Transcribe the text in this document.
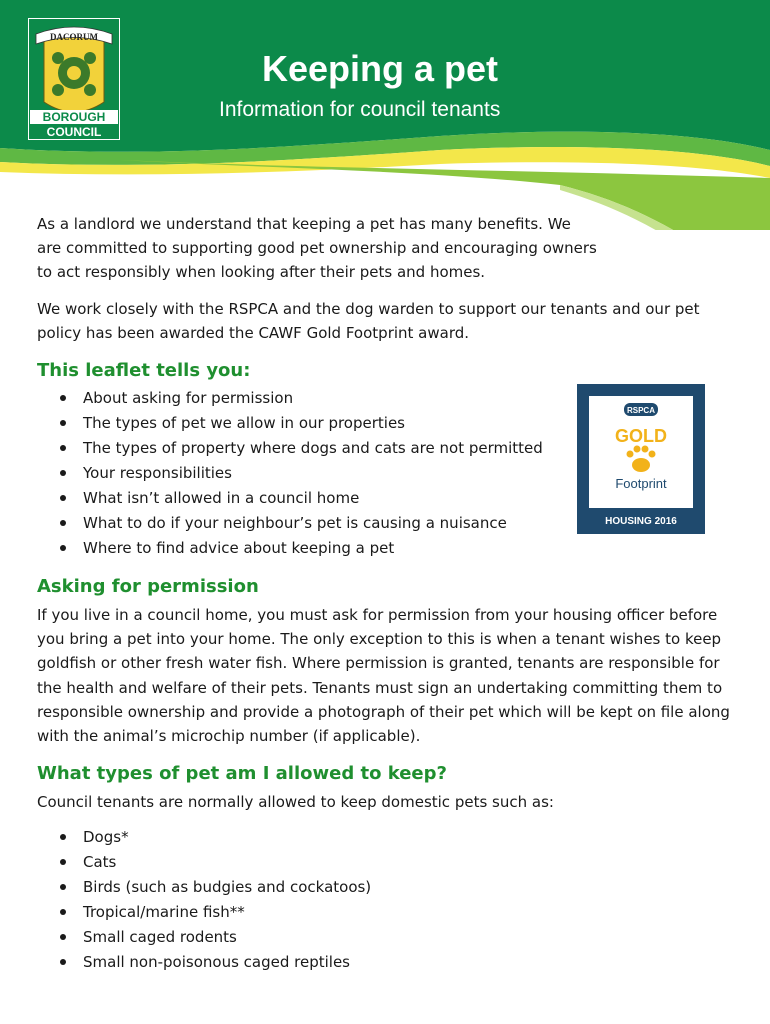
DACORUM
BOROUGH
COUNCIL
Keeping a pet
Information for council tenants

As a landlord we understand that keeping a pet has many benefits. We are committed to supporting good pet ownership and encouraging owners to act responsibly when looking after their pets and homes.

We work closely with the RSPCA and the dog warden to support our tenants and our pet policy has been awarded the CAWF Gold Footprint award.

This leaflet tells you:
About asking for permission
The types of pet we allow in our properties
The types of property where dogs and cats are not permitted
Your responsibilities
What isn’t allowed in a council home
What to do if your neighbour’s pet is causing a nuisance
Where to find advice about keeping a pet
Asking for permission

If you live in a council home, you must ask for permission from your housing officer before you bring a pet into your home. The only exception to this is when a tenant wishes to keep goldfish or other fresh water fish. Where permission is granted, tenants are responsible for the health and welfare of their pets. Tenants must sign an undertaking committing them to responsible ownership and provide a photograph of their pet which will be kept on file along with the animal’s microchip number (if applicable).

What types of pet am I allowed to keep?

Council tenants are normally allowed to keep domestic pets such as:

Dogs*
Cats
Birds (such as budgies and cockatoos)
Tropical/marine fish**
Small caged rodents
Small non-poisonous caged reptiles
RSPCA
GOLD
Footprint
HOUSING 2016
